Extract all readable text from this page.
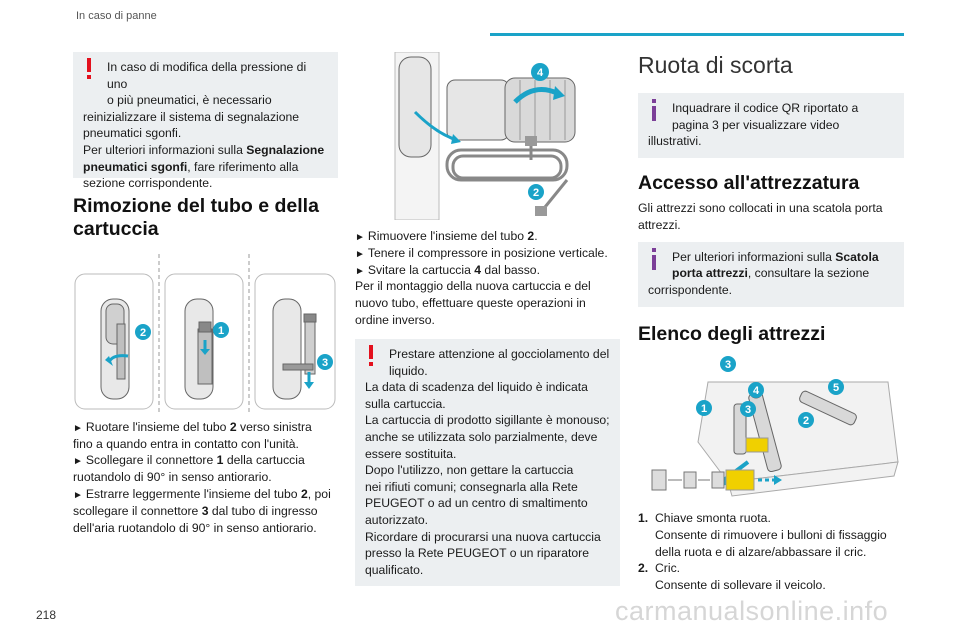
In caso di panne
In caso di modifica della pressione di uno
o più pneumatici, è necessario
reinizializzare il sistema di segnalazione
pneumatici sgonfi.
Per ulteriori informazioni sulla Segnalazione
pneumatici sgonfi, fare riferimento alla
sezione corrispondente.
Rimozione del tubo e della
cartuccia
2	1
3

► Ruotare l'insieme del tubo 2 verso sinistra

fino a quando entra in contatto con l'unità.

► Scollegare il connettore 1 della cartuccia

ruotandolo di 90° in senso antiorario.

► Estrarre leggermente l'insieme del tubo 2, poi

scollegare il connettore 3 dal tubo di ingresso

dell'aria ruotandolo di 90° in senso antiorario.

4
2

► Rimuovere l'insieme del tubo 2.

► Tenere il compressore in posizione verticale.

► Svitare la cartuccia 4 dal basso.

Per il montaggio della nuova cartuccia e del

nuovo tubo, effettuare queste operazioni in

ordine inverso.

Prestare attenzione al gocciolamento del
liquido.
La data di scadenza del liquido è indicata
sulla cartuccia.
La cartuccia di prodotto sigillante è monouso;
anche se utilizzata solo parzialmente, deve
essere sostituita.
Dopo l'utilizzo, non gettare la cartuccia
nei rifiuti comuni; consegnarla alla Rete
PEUGEOT o ad un centro di smaltimento
autorizzato.
Ricordare di procurarsi una nuova cartuccia
presso la Rete PEUGEOT o un riparatore
qualificato.
Ruota di scorta
Inquadrare il codice QR riportato a
pagina 3 per visualizzare video
illustrativi.
Accesso all'attrezzatura

Gli attrezzi sono collocati in una scatola porta

attrezzi.

Per ulteriori informazioni sulla Scatola
porta attrezzi, consultare la sezione
corrispondente.
Elenco degli attrezzi
3
4	5
1	3
2
1. Chiave smonta ruota.
Consente di rimuovere i bulloni di fissaggio
della ruota e di alzare/abbassare il cric.
2. Cric.
Consente di sollevare il veicolo.
218	carmanualsonline.info
